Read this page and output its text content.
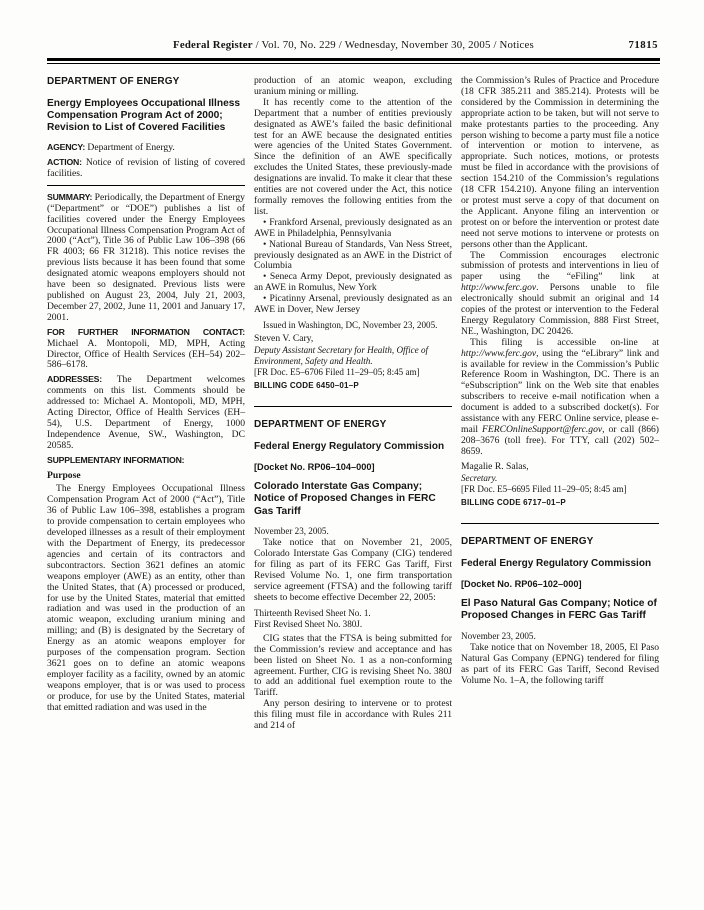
Federal Register / Vol. 70, No. 229 / Wednesday, November 30, 2005 / Notices	71815
DEPARTMENT OF ENERGY
Energy Employees Occupational Illness Compensation Program Act of 2000; Revision to List of Covered Facilities
AGENCY: Department of Energy.
ACTION: Notice of revision of listing of covered facilities.
SUMMARY: Periodically, the Department of Energy (“Department” or “DOE”) publishes a list of facilities covered under the Energy Employees Occupational Illness Compensation Program Act of 2000 (“Act”), Title 36 of Public Law 106–398 (66 FR 4003; 66 FR 31218). This notice revises the previous lists because it has been found that some designated atomic weapons employers should not have been so designated. Previous lists were published on August 23, 2004, July 21, 2003, December 27, 2002, June 11, 2001 and January 17, 2001.
FOR FURTHER INFORMATION CONTACT: Michael A. Montopoli, MD, MPH, Acting Director, Office of Health Services (EH–54) 202–586–6178.
ADDRESSES: The Department welcomes comments on this list. Comments should be addressed to: Michael A. Montopoli, MD, MPH, Acting Director, Office of Health Services (EH–54), U.S. Department of Energy, 1000 Independence Avenue, SW., Washington, DC 20585.
SUPPLEMENTARY INFORMATION:
Purpose
The Energy Employees Occupational Illness Compensation Program Act of 2000 (“Act”), Title 36 of Public Law 106–398, establishes a program to provide compensation to certain employees who developed illnesses as a result of their employment with the Department of Energy, its predecessor agencies and certain of its contractors and subcontractors. Section 3621 defines an atomic weapons employer (AWE) as an entity, other than the United States, that (A) processed or produced, for use by the United States, material that emitted radiation and was used in the production of an atomic weapon, excluding uranium mining and milling; and (B) is designated by the Secretary of Energy as an atomic weapons employer for purposes of the compensation program. Section 3621 goes on to define an atomic weapons employer facility as a facility, owned by an atomic weapons employer, that is or was used to process or produce, for use by the United States, material that emitted radiation and was used in the
production of an atomic weapon, excluding uranium mining or milling.
It has recently come to the attention of the Department that a number of entities previously designated as AWE’s failed the basic definitional test for an AWE because the designated entities were agencies of the United States Government. Since the definition of an AWE specifically excludes the United States, these previously-made designations are invalid. To make it clear that these entities are not covered under the Act, this notice formally removes the following entities from the list.
• Frankford Arsenal, previously designated as an AWE in Philadelphia, Pennsylvania
• National Bureau of Standards, Van Ness Street, previously designated as an AWE in the District of Columbia
• Seneca Army Depot, previously designated as an AWE in Romulus, New York
• Picatinny Arsenal, previously designated as an AWE in Dover, New Jersey
Issued in Washington, DC, November 23, 2005.
Steven V. Cary,
Deputy Assistant Secretary for Health, Office of Environment, Safety and Health.
[FR Doc. E5–6706 Filed 11–29–05; 8:45 am]
BILLING CODE 6450–01–P
DEPARTMENT OF ENERGY
Federal Energy Regulatory Commission
[Docket No. RP06–104–000]
Colorado Interstate Gas Company; Notice of Proposed Changes in FERC Gas Tariff
November 23, 2005.
Take notice that on November 21, 2005, Colorado Interstate Gas Company (CIG) tendered for filing as part of its FERC Gas Tariff, First Revised Volume No. 1, one firm transportation service agreement (FTSA) and the following tariff sheets to become effective December 22, 2005:
Thirteenth Revised Sheet No. 1.
First Revised Sheet No. 380J.
CIG states that the FTSA is being submitted for the Commission’s review and acceptance and has been listed on Sheet No. 1 as a non-conforming agreement. Further, CIG is revising Sheet No. 380J to add an additional fuel exemption route to the Tariff.
Any person desiring to intervene or to protest this filing must file in accordance with Rules 211 and 214 of
the Commission’s Rules of Practice and Procedure (18 CFR 385.211 and 385.214). Protests will be considered by the Commission in determining the appropriate action to be taken, but will not serve to make protestants parties to the proceeding. Any person wishing to become a party must file a notice of intervention or motion to intervene, as appropriate. Such notices, motions, or protests must be filed in accordance with the provisions of section 154.210 of the Commission’s regulations (18 CFR 154.210). Anyone filing an intervention or protest must serve a copy of that document on the Applicant. Anyone filing an intervention or protest on or before the intervention or protest date need not serve motions to intervene or protests on persons other than the Applicant.
The Commission encourages electronic submission of protests and interventions in lieu of paper using the “eFiling” link at http://www.ferc.gov. Persons unable to file electronically should submit an original and 14 copies of the protest or intervention to the Federal Energy Regulatory Commission, 888 First Street, NE., Washington, DC 20426.
This filing is accessible on-line at http://www.ferc.gov, using the “eLibrary” link and is available for review in the Commission’s Public Reference Room in Washington, DC. There is an “eSubscription” link on the Web site that enables subscribers to receive e-mail notification when a document is added to a subscribed docket(s). For assistance with any FERC Online service, please e-mail FERCOnlineSupport@ferc.gov, or call (866) 208–3676 (toll free). For TTY, call (202) 502–8659.
Magalie R. Salas,
Secretary.
[FR Doc. E5–6695 Filed 11–29–05; 8:45 am]
BILLING CODE 6717–01–P
DEPARTMENT OF ENERGY
Federal Energy Regulatory Commission
[Docket No. RP06–102–000]
El Paso Natural Gas Company; Notice of Proposed Changes in FERC Gas Tariff
November 23, 2005.
Take notice that on November 18, 2005, El Paso Natural Gas Company (EPNG) tendered for filing as part of its FERC Gas Tariff, Second Revised Volume No. 1–A, the following tariff
